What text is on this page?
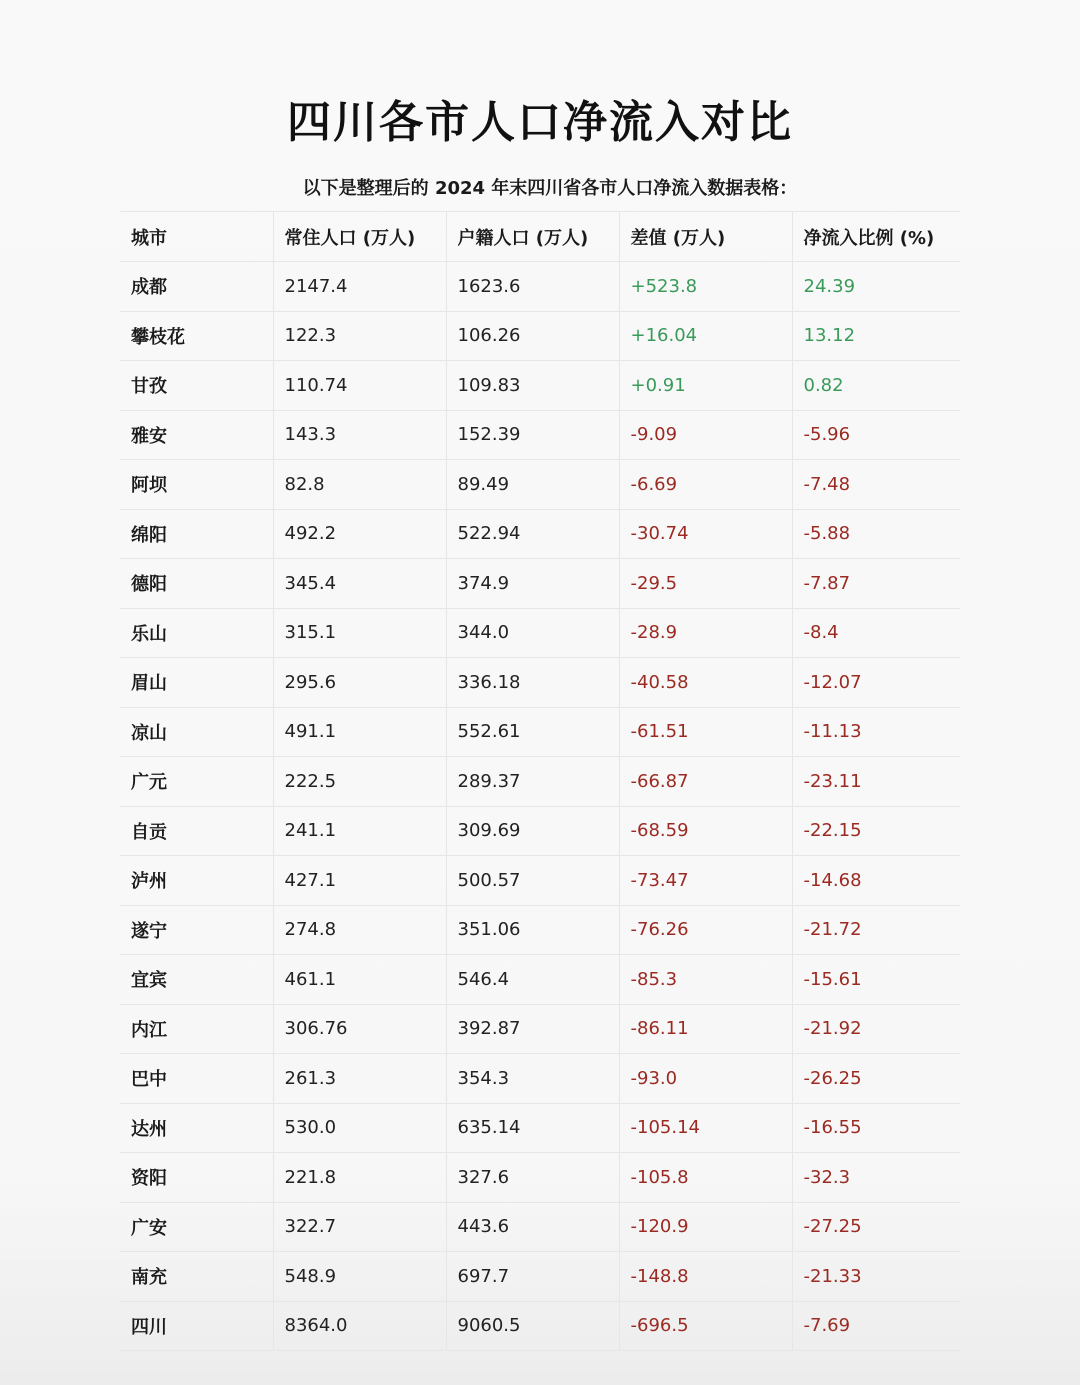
四川各市人口净流入对比
以下是整理后的 2024 年末四川省各市人口净流入数据表格：
城市	常住人口 (万人)	户籍人口 (万人)	差值 (万人)	净流入比例 (%)
成都	2147.4	1623.6	+523.8	24.39
攀枝花	122.3	106.26	+16.04	13.12
甘孜	110.74	109.83	+0.91	0.82
雅安	143.3	152.39	-9.09	-5.96
阿坝	82.8	89.49	-6.69	-7.48
绵阳	492.2	522.94	-30.74	-5.88
德阳	345.4	374.9	-29.5	-7.87
乐山	315.1	344.0	-28.9	-8.4
眉山	295.6	336.18	-40.58	-12.07
凉山	491.1	552.61	-61.51	-11.13
广元	222.5	289.37	-66.87	-23.11
自贡	241.1	309.69	-68.59	-22.15
泸州	427.1	500.57	-73.47	-14.68
遂宁	274.8	351.06	-76.26	-21.72
宜宾	461.1	546.4	-85.3	-15.61
内江	306.76	392.87	-86.11	-21.92
巴中	261.3	354.3	-93.0	-26.25
达州	530.0	635.14	-105.14	-16.55
资阳	221.8	327.6	-105.8	-32.3
广安	322.7	443.6	-120.9	-27.25
南充	548.9	697.7	-148.8	-21.33
四川	8364.0	9060.5	-696.5	-7.69
